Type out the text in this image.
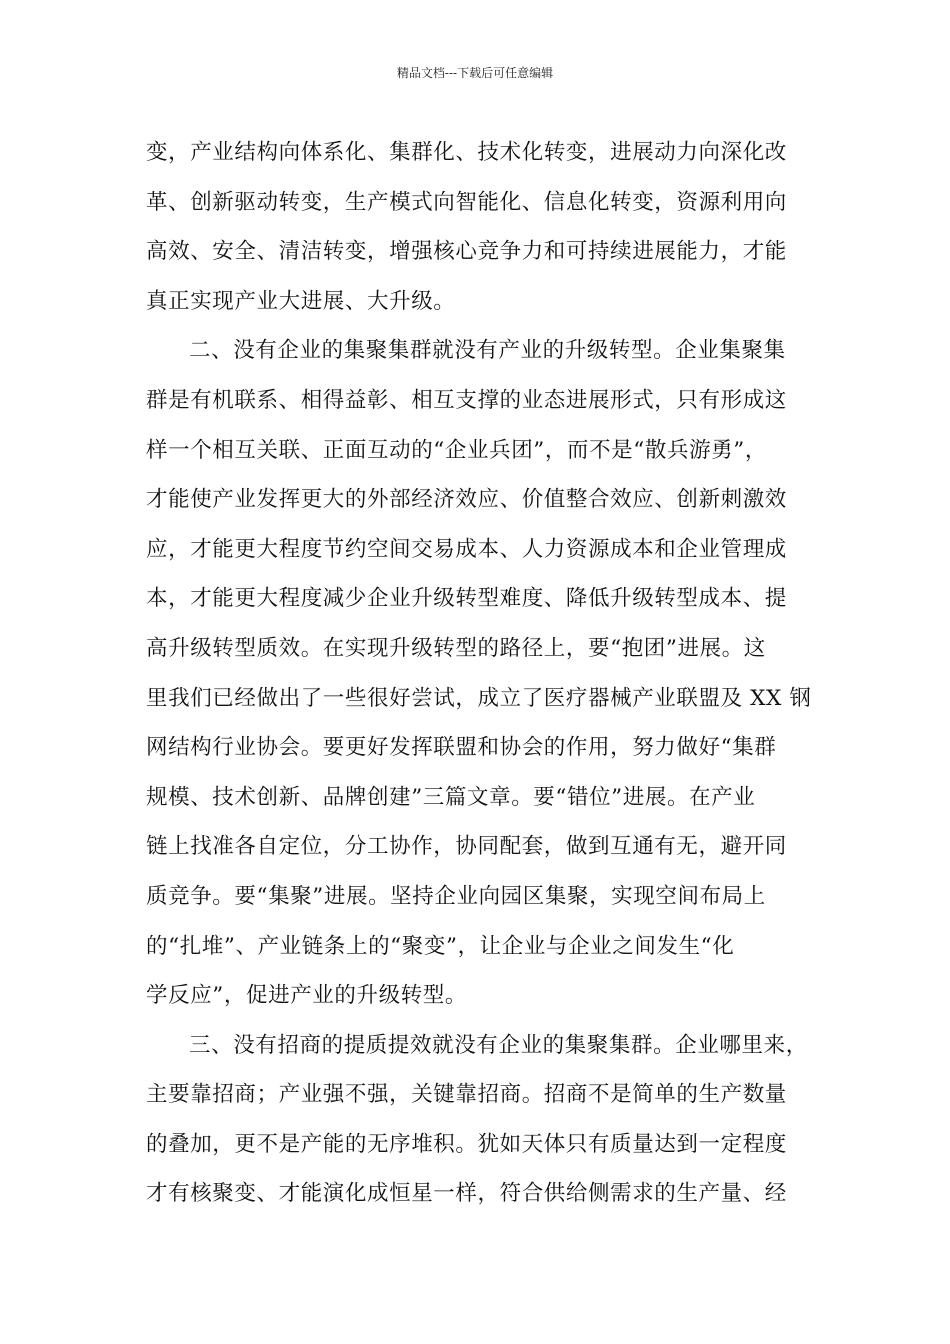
精品文档---下载后可任意编辑
变，产业结构向体系化、集群化、技术化转变，进展动力向深化改
革、创新驱动转变，生产模式向智能化、信息化转变，资源利用向
高效、安全、清洁转变，增强核心竞争力和可持续进展能力，才能
真正实现产业大进展、大升级。
二、没有企业的集聚集群就没有产业的升级转型。企业集聚集
群是有机联系、相得益彰、相互支撑的业态进展形式，只有形成这
样一个相互关联、正面互动的“企业兵团”，而不是“散兵游勇”，
才能使产业发挥更大的外部经济效应、价值整合效应、创新刺激效
应，才能更大程度节约空间交易成本、人力资源成本和企业管理成
本，才能更大程度减少企业升级转型难度、降低升级转型成本、提
高升级转型质效。在实现升级转型的路径上，要“抱团”进展。这
里我们已经做出了一些很好尝试，成立了医疗器械产业联盟及 XX 钢
网结构行业协会。要更好发挥联盟和协会的作用，努力做好“集群
规模、技术创新、品牌创建”三篇文章。要“错位”进展。在产业
链上找准各自定位，分工协作，协同配套，做到互通有无，避开同
质竞争。要“集聚”进展。坚持企业向园区集聚，实现空间布局上
的“扎堆”、产业链条上的“聚变”，让企业与企业之间发生“化
学反应”，促进产业的升级转型。
三、没有招商的提质提效就没有企业的集聚集群。企业哪里来，
主要靠招商；产业强不强，关键靠招商。招商不是简单的生产数量
的叠加，更不是产能的无序堆积。犹如天体只有质量达到一定程度
才有核聚变、才能演化成恒星一样，符合供给侧需求的生产量、经
